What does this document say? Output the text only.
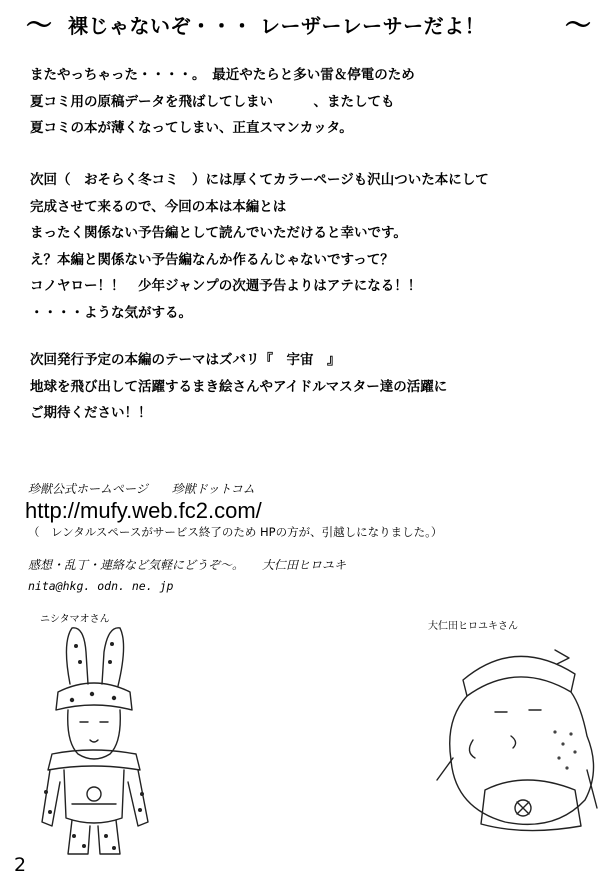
～ 裸じゃないぞ・・・ レーザーレーサーだよ！	～
またやっちゃった・・・・。　最近やたらと多い雷＆停電のため
夏コミ用の原稿データを飛ばしてしまい　　　、またしても
夏コミの本が薄くなってしまい、正直スマンカッタ。
次回（　おそらく冬コミ　）には厚くてカラーページも沢山ついた本にして
完成させて来るので、今回の本は本編とは
まったく関係ない予告編として読んでいただけると幸いです。
え？本編と関係ない予告編なんか作るんじゃないですって？
コノヤロー！！　少年ジャンプの次週予告よりはアテになる！！
・・・・ような気がする。
次回発行予定の本編のテーマはズバリ『　宇宙　』
地球を飛び出して活躍するまき絵さんやアイドルマスター達の活躍に
ご期待ください！！
珍獣公式ホームページ　　珍獣ドットコム
http://mufy.web.fc2.com/
（　レンタルスペースがサービス終了のため HPの方が、引越しになりました。）
感想・乱丁・連絡など気軽にどうぞ～。　　大仁田ヒロユキ
nita@hkg. odn. ne. jp
ニシタマオさん
大仁田ヒロユキさん
2
